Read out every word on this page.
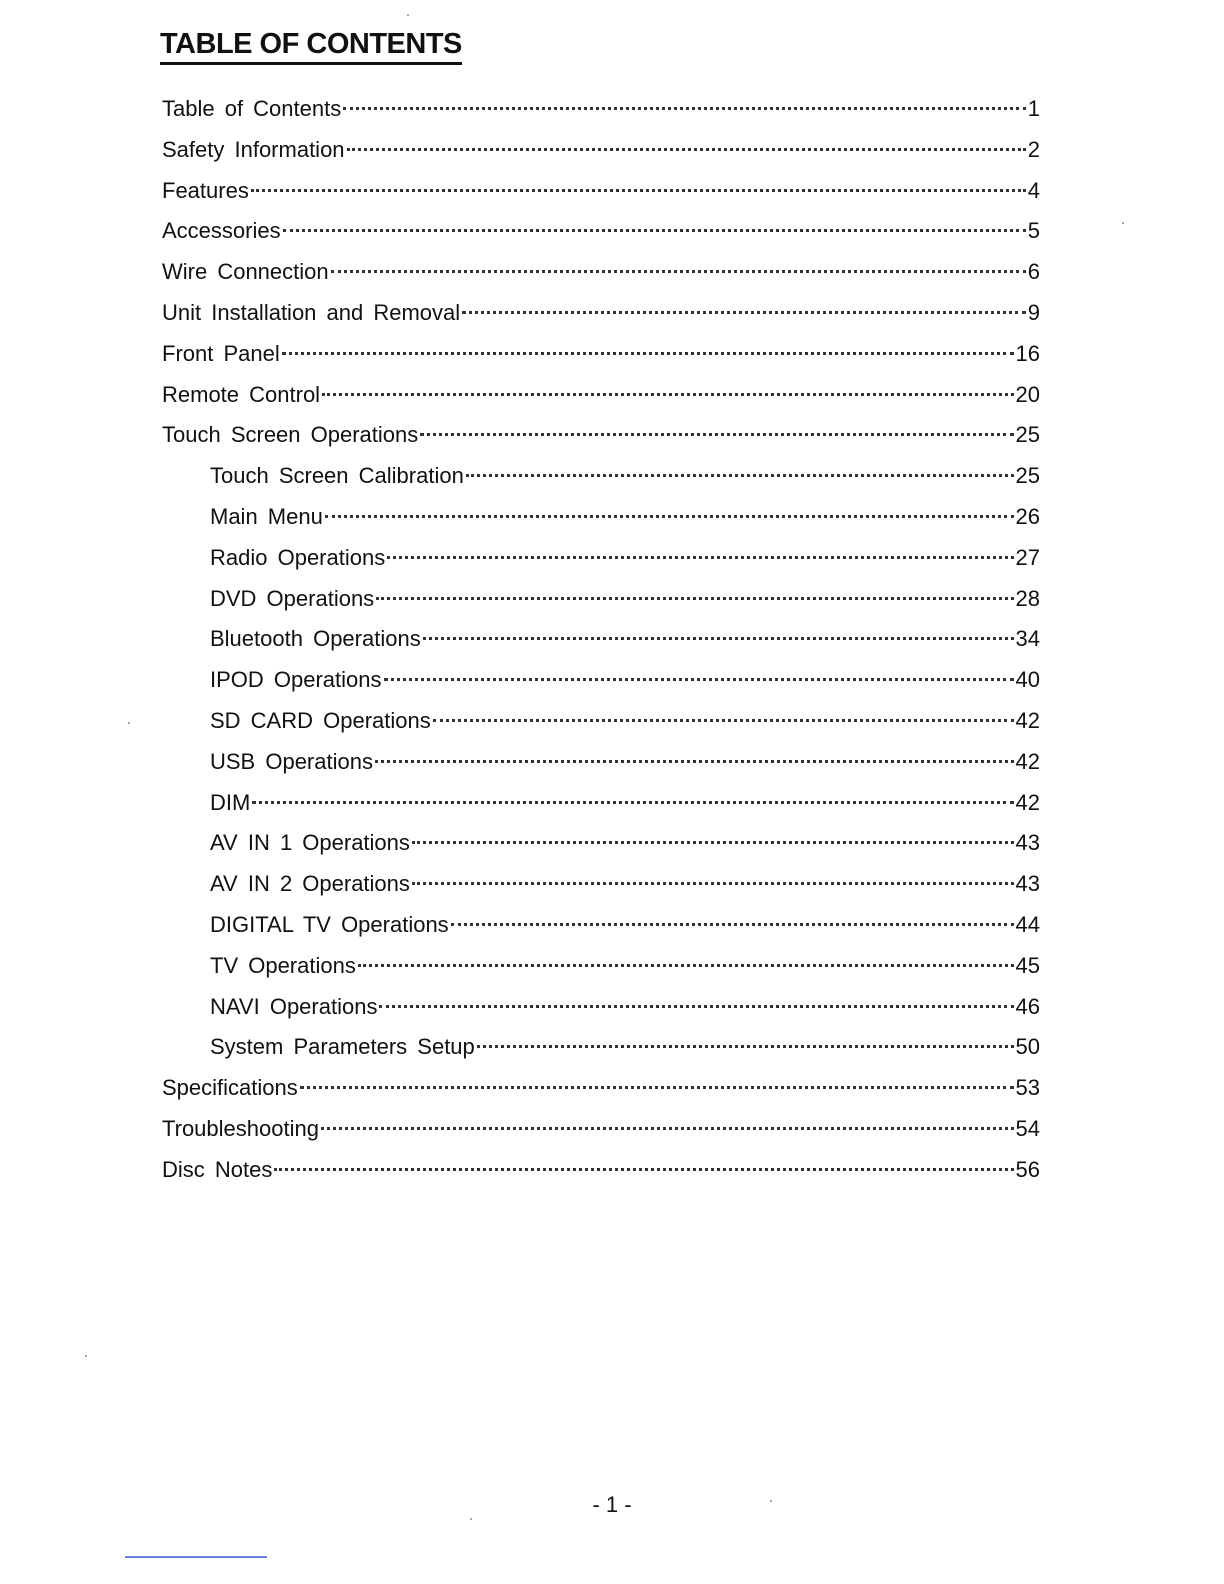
TABLE OF CONTENTS
Table of Contents	1
Safety Information	2
Features	4
Accessories	5
Wire Connection	6
Unit Installation and Removal	9
Front Panel	16
Remote Control	20
Touch Screen Operations	25
Touch Screen Calibration	25
Main Menu	26
Radio Operations	27
DVD Operations	28
Bluetooth Operations	34
IPOD Operations	40
SD CARD Operations	42
USB Operations	42
DIM	42
AV IN 1 Operations	43
AV IN 2 Operations	43
DIGITAL TV Operations	44
TV Operations	45
NAVI Operations	46
System Parameters Setup	50
Specifications	53
Troubleshooting	54
Disc Notes	56
- 1 -
